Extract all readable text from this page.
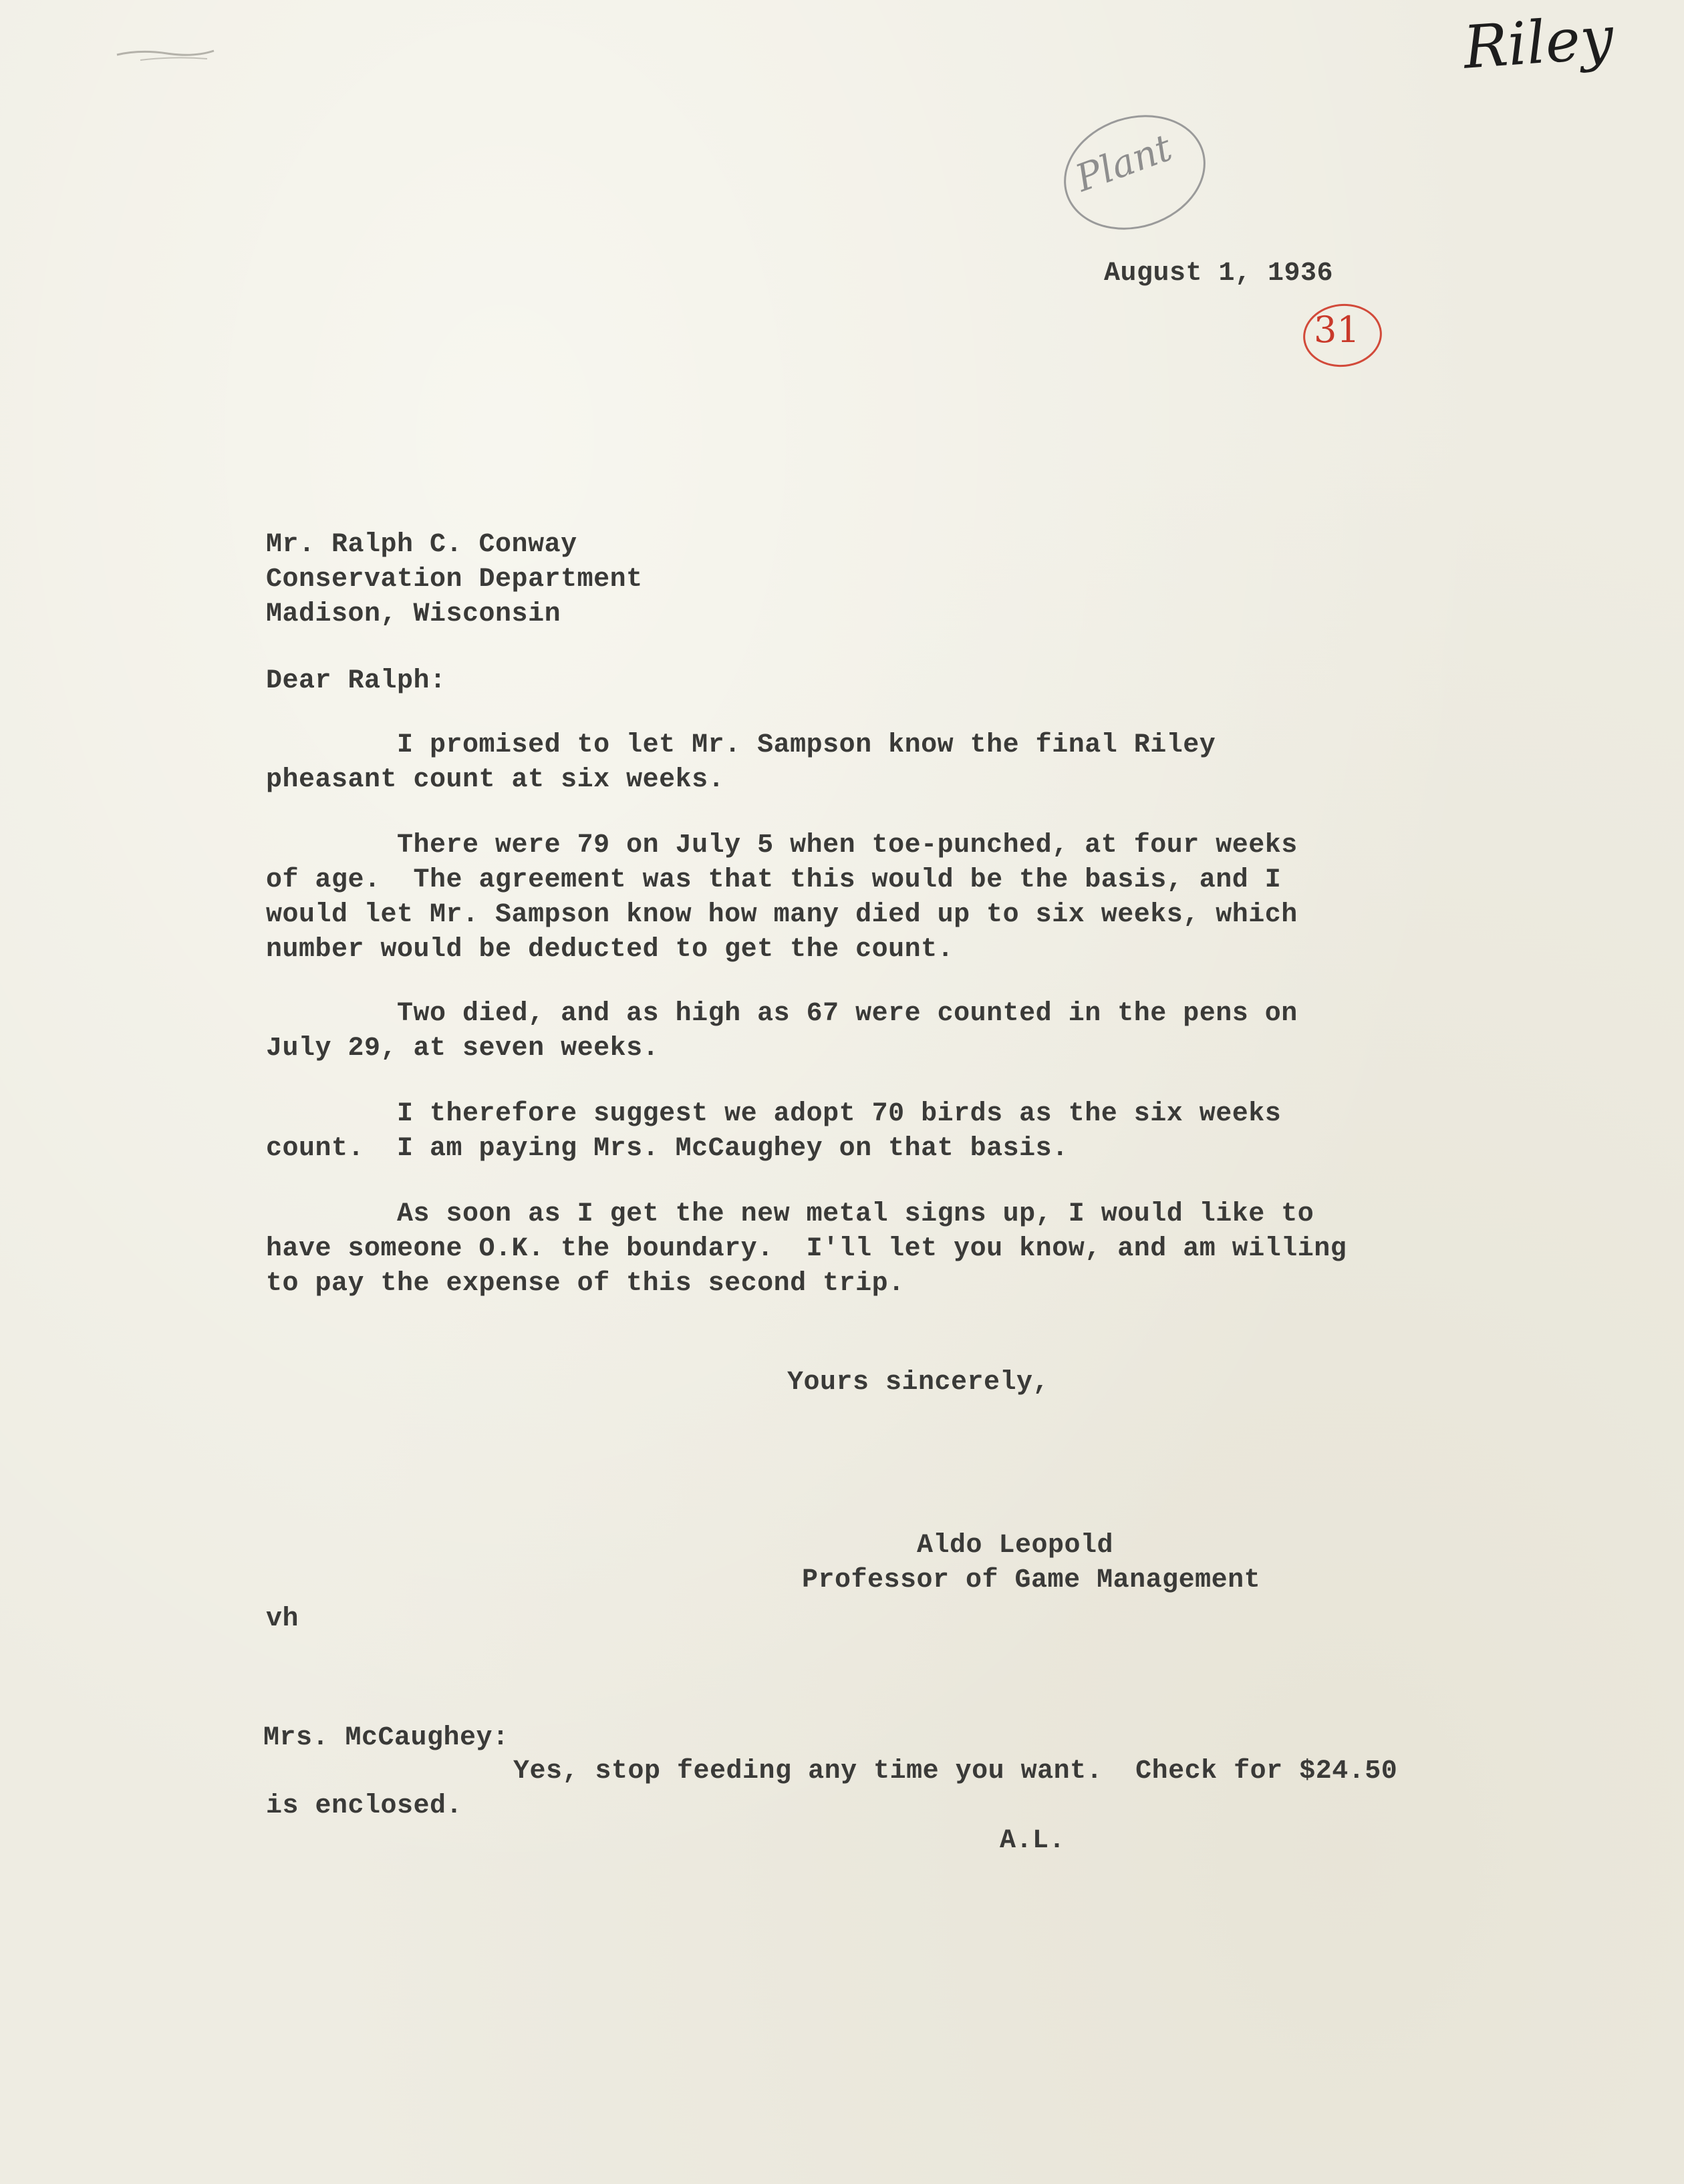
Riley
Plant
August 1, 1936
31
Mr. Ralph C. Conway
Conservation Department
Madison, Wisconsin
Dear Ralph:
I promised to let Mr. Sampson know the final Riley
pheasant count at six weeks.
There were 79 on July 5 when toe-punched, at four weeks
of age.  The agreement was that this would be the basis, and I
would let Mr. Sampson know how many died up to six weeks, which
number would be deducted to get the count.
Two died, and as high as 67 were counted in the pens on
July 29, at seven weeks.
I therefore suggest we adopt 70 birds as the six weeks
count.  I am paying Mrs. McCaughey on that basis.
As soon as I get the new metal signs up, I would like to
have someone O.K. the boundary.  I'll let you know, and am willing
to pay the expense of this second trip.
Yours sincerely,
Aldo Leopold
Professor of Game Management
vh
Mrs. McCaughey:
Yes, stop feeding any time you want.  Check for $24.50
is enclosed.
A.L.
